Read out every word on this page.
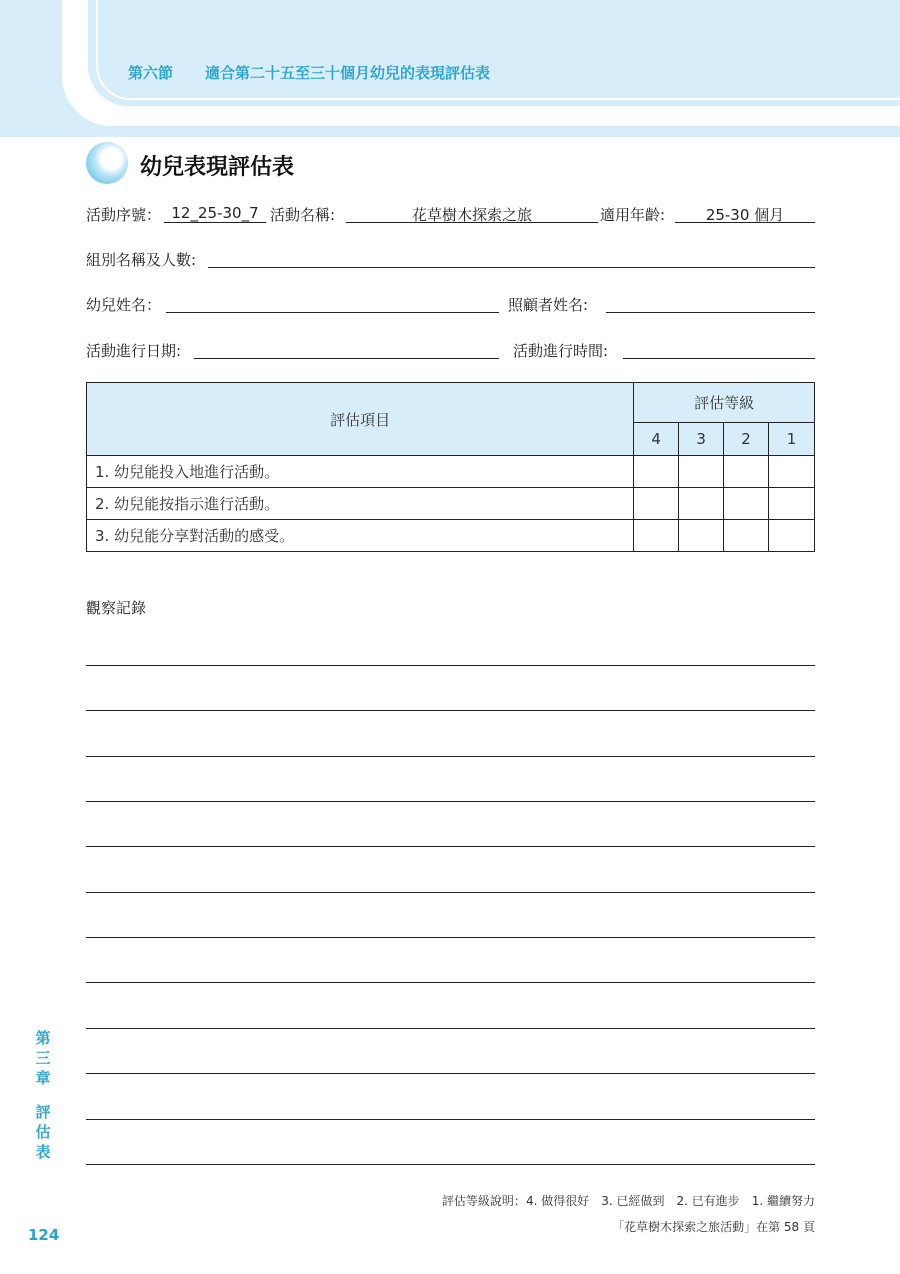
第六節 適合第二十五至三十個月幼兒的表現評估表
幼兒表現評估表
活動序號： 12_25-30_7 活動名稱:	花草樹木探索之旅	適用年齡:	25-30 個月
組別名稱及人數:
幼兒姓名：	照顧者姓名:
活動進行日期:	活動進行時間:
評估項目	評估等級			
	4	3	2	1
1. 幼兒能投入地進行活動。				
2. 幼兒能按指示進行活動。				
3. 幼兒能分享對活動的感受。				
觀察記錄
第
三
章
評
估
表
124
評估等級說明：4. 做得很好 3. 已經做到 2. 已有進步 1. 繼續努力
「花草樹木探索之旅活動」在第 58 頁
